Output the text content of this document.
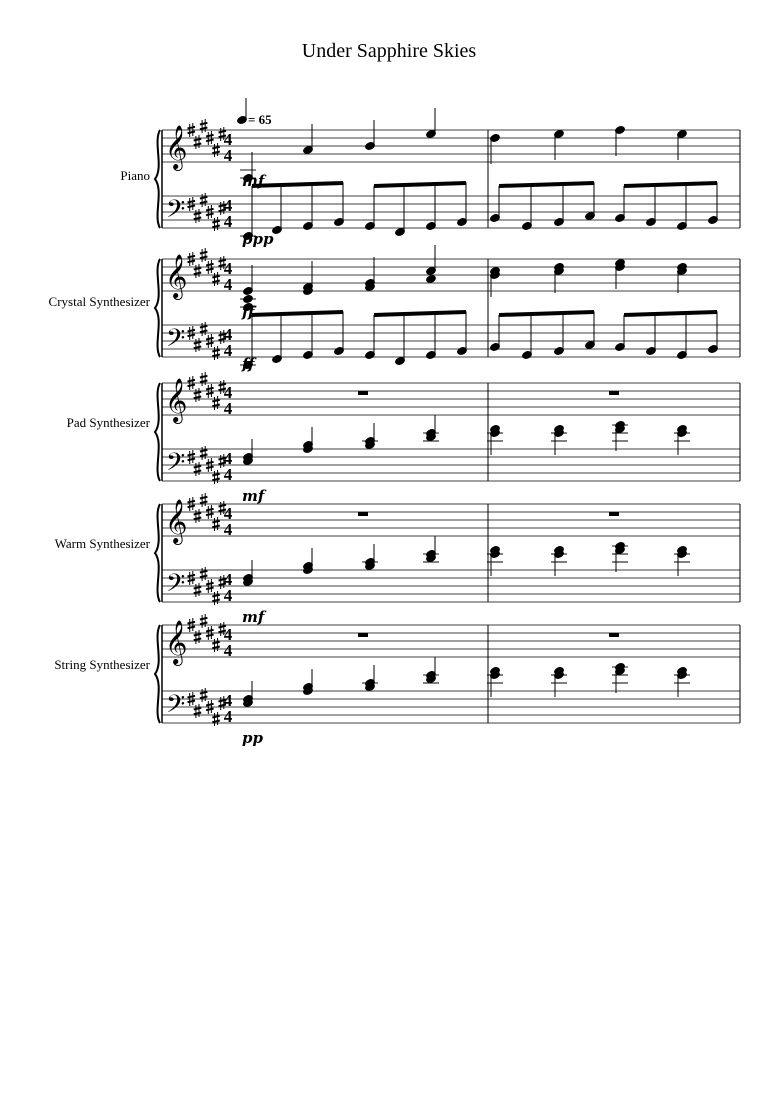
Under Sapphire Skies
𝄞 4
4
𝄢 4
4
𝄞 4
4
𝄢 4
4
𝄞 4
4
𝄢 4
4
𝄞 4
4
𝄢 4
4
𝄞 4
4
𝄢 4
4
Piano
= 65
mf
ppp
Crystal Synthesizer
ff
ff
Pad Synthesizer
mf
Warm Synthesizer
mf
String Synthesizer
pp
